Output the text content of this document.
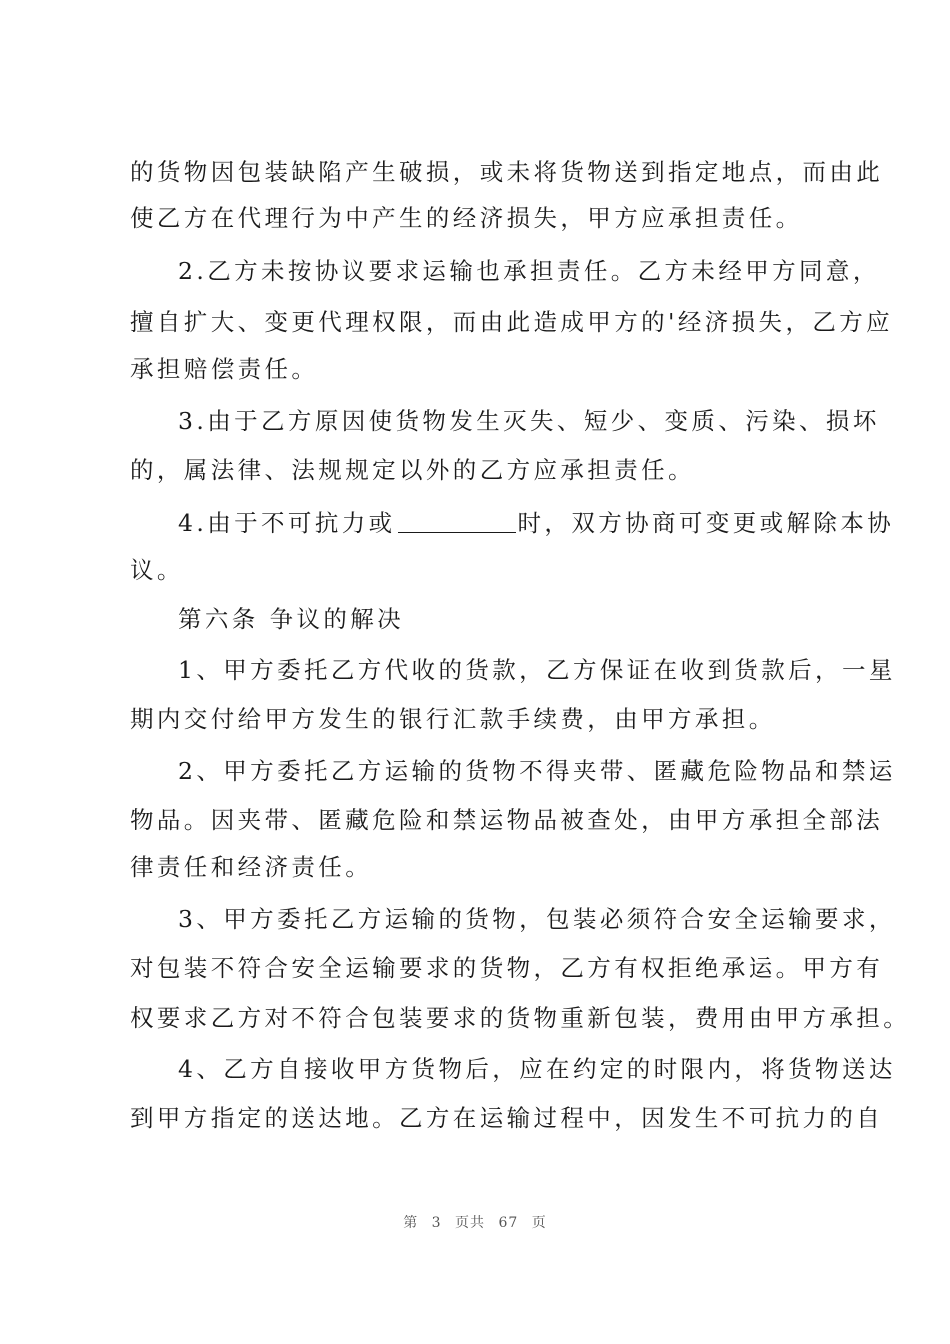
的货物因包装缺陷产生破损，或未将货物送到指定地点，而由此
使乙方在代理行为中产生的经济损失，甲方应承担责任。
2.乙方未按协议要求运输也承担责任。乙方未经甲方同意，
擅自扩大、变更代理权限，而由此造成甲方的'经济损失，乙方应
承担赔偿责任。
3.由于乙方原因使货物发生灭失、短少、变质、污染、损坏
的，属法律、法规规定以外的乙方应承担责任。
4.由于不可抗力或	时，双方协商可变更或解除本协
议。
第六条 争议的解决
1、甲方委托乙方代收的货款，乙方保证在收到货款后，一星
期内交付给甲方发生的银行汇款手续费，由甲方承担。
2、甲方委托乙方运输的货物不得夹带、匿藏危险物品和禁运
物品。因夹带、匿藏危险和禁运物品被查处，由甲方承担全部法
律责任和经济责任。
3、甲方委托乙方运输的货物，包装必须符合安全运输要求，
对包装不符合安全运输要求的货物，乙方有权拒绝承运。甲方有
权要求乙方对不符合包装要求的货物重新包装，费用由甲方承担。
4、乙方自接收甲方货物后，应在约定的时限内，将货物送达
到甲方指定的送达地。乙方在运输过程中，因发生不可抗力的自
第 3 页共 67 页
